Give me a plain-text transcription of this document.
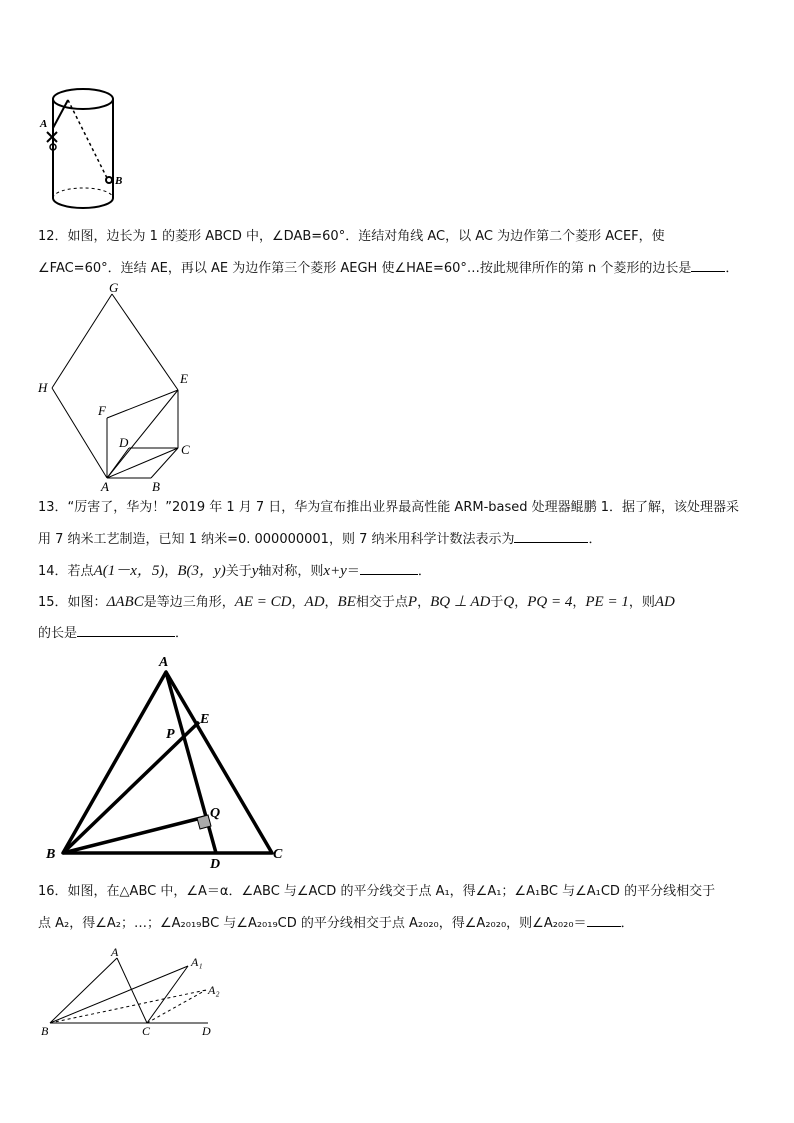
A
B
12．如图，边长为 1 的菱形 ABCD 中，∠DAB=60°．连结对角线 AC，以 AC 为边作第二个菱形 ACEF，使
∠FAC=60°．连结 AE，再以 AE 为边作第三个菱形 AEGH 使∠HAE=60°…按此规律所作的第 n 个菱形的边长是	．
G
H
E
F
D	C
A	B
13．“厉害了，华为！”2019 年 1 月 7 日，华为宣布推出业界最高性能 ARM-based 处理器鲲鹏 1．据了解，该处理器采
用 7 纳米工艺制造，已知 1 纳米=0. 000000001，则 7 纳米用科学计数法表示为	．
14．若点A(1－x，5)，B(3，y)关于y轴对称，则x+y＝	．
15．如图：ΔABC是等边三角形，AE = CD，AD，BE相交于点P，BQ ⊥ AD于Q，PQ = 4，PE = 1，则AD
的长是	．
A
E
P
Q
B
D
C
16．如图，在△ABC 中，∠A＝α．∠ABC 与∠ACD 的平分线交于点 A₁，得∠A₁；∠A₁BC 与∠A₁CD 的平分线相交于
点 A₂，得∠A₂；…；∠A₂₀₁₉BC 与∠A₂₀₁₉CD 的平分线相交于点 A₂₀₂₀，得∠A₂₀₂₀，则∠A₂₀₂₀＝	．
A
A₁
A₂
B	C	D
